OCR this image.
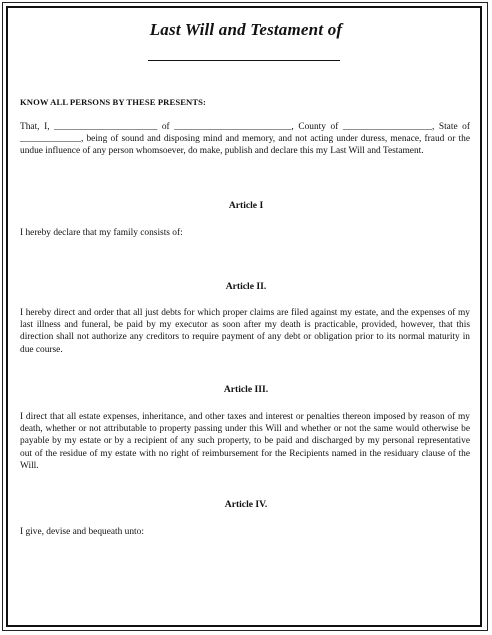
Last Will and Testament of
KNOW ALL PERSONS BY THESE PRESENTS:

That, I, ______________________ of _________________________, County of ___________________, State of _____________, being of sound and disposing mind and memory, and not acting under duress, menace, fraud or the undue influence of any person whomsoever, do make, publish and declare this my Last Will and Testament.

Article I

I hereby declare that my family consists of:

Article II.

I hereby direct and order that all just debts for which proper claims are filed against my estate, and the expenses of my last illness and funeral, be paid by my executor as soon after my death is practicable, provided, however, that this direction shall not authorize any creditors to require payment of any debt or obligation prior to its normal maturity in due course.

Article III.

I direct that all estate expenses, inheritance, and other taxes and interest or penalties thereon imposed by reason of my death, whether or not attributable to property passing under this Will and whether or not the same would otherwise be payable by my estate or by a recipient of any such property, to be paid and discharged by my personal representative out of the residue of my estate with no right of reimbursement for the Recipients named in the residuary clause of the Will.

Article IV.

I give, devise and bequeath unto:
